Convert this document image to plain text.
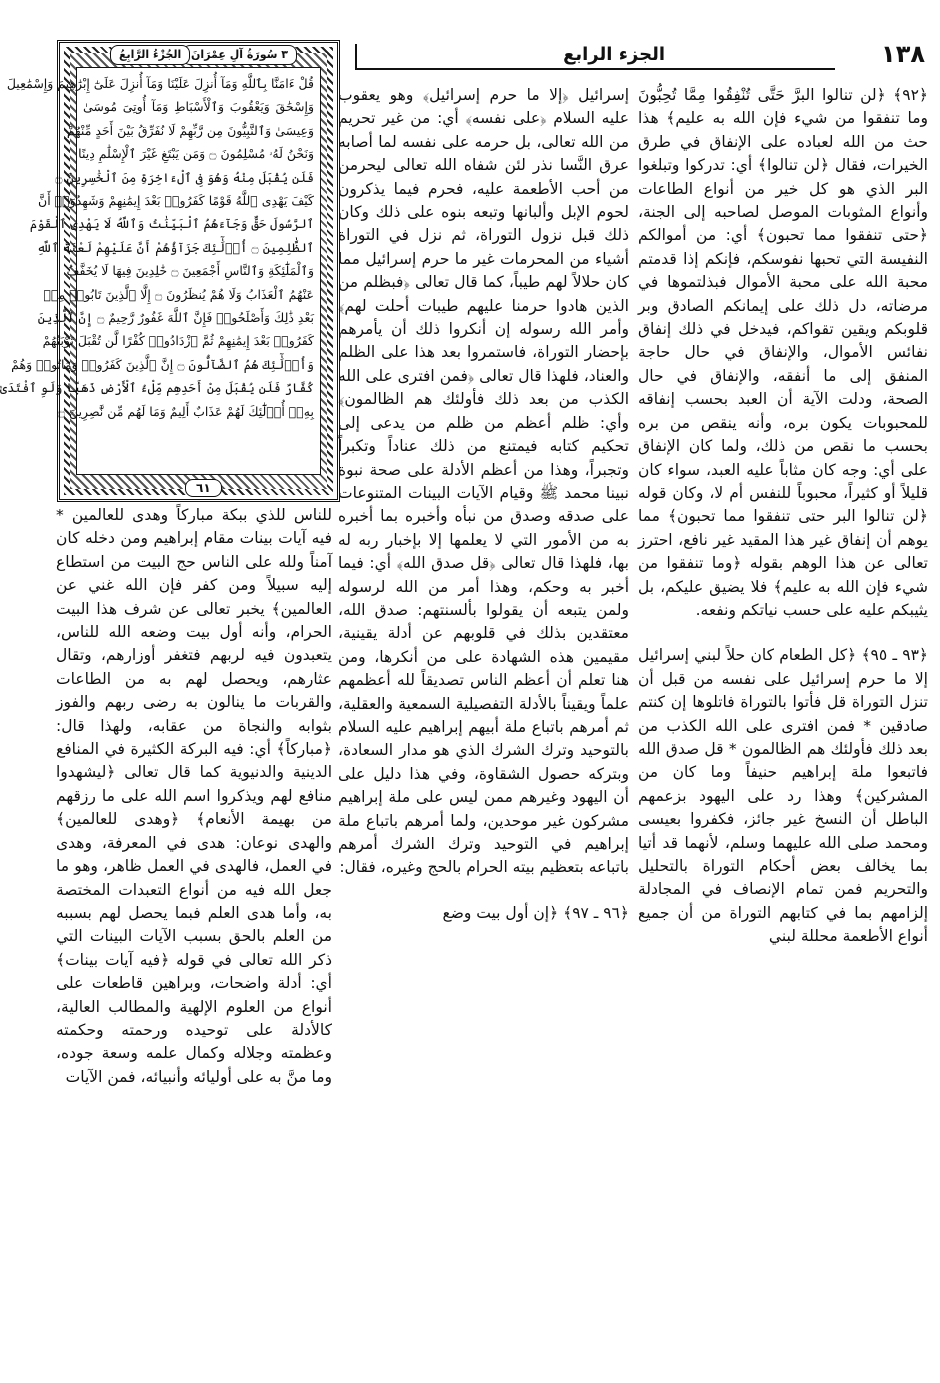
١٣٨
الجزء الرابع
٣ سُورَةُ آلِ عِمْرَانَ
الجُزْءُ الرَّابِعُ
قُلْ ءَامَنَّا بِٱللَّهِ وَمَآ أُنزِلَ عَلَيْنَا وَمَآ أُنزِلَ عَلَىٰٓ إِبْرَٰهِيمَ وَإِسْمَٰعِيلَ
وَإِسْحَٰقَ وَيَعْقُوبَ وَٱلْأَسْبَاطِ وَمَآ أُوتِىَ مُوسَىٰ
وَعِيسَىٰ وَٱلنَّبِيُّونَ مِن رَّبِّهِمْ لَا نُفَرِّقُ بَيْنَ أَحَدٍ مِّنْهُمْ
وَنَحْنُ لَهُۥ مُسْلِمُونَ ۝ وَمَن يَبْتَغِ غَيْرَ ٱلْإِسْلَٰمِ دِينًا
فَلَن يُقْبَلَ مِنْهُ وَهُوَ فِى ٱلْءَاخِرَةِ مِنَ ٱلْخَٰسِرِينَ ۝
كَيْفَ يَهْدِى ٱللَّهُ قَوْمًا كَفَرُوا۟ بَعْدَ إِيمَٰنِهِمْ وَشَهِدُوٓا۟ أَنَّ
ٱلرَّسُولَ حَقٌّ وَجَآءَهُمُ ٱلْبَيِّنَٰتُ وَٱللَّهُ لَا يَهْدِى ٱلْقَوْمَ
ٱلظَّٰلِمِينَ ۝ أُو۟لَٰٓئِكَ جَزَآؤُهُمْ أَنَّ عَلَيْهِمْ لَعْنَةَ ٱللَّهِ
وَٱلْمَلَٰٓئِكَةِ وَٱلنَّاسِ أَجْمَعِينَ ۝ خَٰلِدِينَ فِيهَا لَا يُخَفَّفُ
عَنْهُمُ ٱلْعَذَابُ وَلَا هُمْ يُنظَرُونَ ۝ إِلَّا ٱلَّذِينَ تَابُوا۟ مِنۢ
بَعْدِ ذَٰلِكَ وَأَصْلَحُوا۟ فَإِنَّ ٱللَّهَ غَفُورٌ رَّحِيمٌ ۝ إِنَّ ٱلَّذِينَ
كَفَرُوا۟ بَعْدَ إِيمَٰنِهِمْ ثُمَّ ٱزْدَادُوا۟ كُفْرًا لَّن تُقْبَلَ تَوْبَتُهُمْ
وَأُو۟لَٰٓئِكَ هُمُ ٱلضَّآلُّونَ ۝ إِنَّ ٱلَّذِينَ كَفَرُوا۟ وَمَاتُوا۟ وَهُمْ
كُفَّارٌ فَلَن يُقْبَلَ مِنْ أَحَدِهِم مِّلْءُ ٱلْأَرْضِ ذَهَبًا وَلَوِ ٱفْتَدَىٰ
بِهِۦٓ أُو۟لَٰٓئِكَ لَهُمْ عَذَابٌ أَلِيمٌ وَمَا لَهُم مِّن نَّٰصِرِينَ ۝
٦١

﴿٩٢﴾ ﴿لن تنالوا البرَّ حَتَّى تُنْفِقُوا مِمَّا تُحِبُّونَ وما تنفقوا من شيء فإن الله به عليم﴾ هذا حث من الله لعباده على الإنفاق في طرق الخيرات، فقال ﴿لن تنالوا﴾ أي: تدركوا وتبلغوا البر الذي هو كل خير من أنواع الطاعات وأنواع المثوبات الموصل لصاحبه إلى الجنة، ﴿حتى تنفقوا مما تحبون﴾ أي: من أموالكم النفيسة التي تحبها نفوسكم، فإنكم إذا قدمتم محبة الله على محبة الأموال فبذلتموها في مرضاته، دل ذلك على إيمانكم الصادق وبر قلوبكم ويقين تقواكم، فيدخل في ذلك إنفاق نفائس الأموال، والإنفاق في حال حاجة المنفق إلى ما أنفقه، والإنفاق في حال الصحة، ودلت الآية أن العبد بحسب إنفاقه للمحبوبات يكون بره، وأنه ينقص من بره بحسب ما نقص من ذلك، ولما كان الإنفاق على أي: وجه كان مثاباً عليه العبد، سواء كان قليلاً أو كثيراً، محبوباً للنفس أم لا، وكان قوله ﴿لن تنالوا البر حتى تنفقوا مما تحبون﴾ مما يوهم أن إنفاق غير هذا المقيد غير نافع، احترز تعالى عن هذا الوهم بقوله ﴿وما تنفقوا من شيء فإن الله به عليم﴾ فلا يضيق عليكم، بل يثيبكم عليه على حسب نياتكم ونفعه.

﴿٩٣ ـ ٩٥﴾ ﴿كل الطعام كان حلاً لبني إسرائيل إلا ما حرم إسرائيل على نفسه من قبل أن تنزل التوراة قل فأتوا بالتوراة فاتلوها إن كنتم صادقين * فمن افترى على الله الكذب من بعد ذلك فأولئك هم الظالمون * قل صدق الله فاتبعوا ملة إبراهيم حنيفاً وما كان من المشركين﴾ وهذا رد على اليهود بزعمهم الباطل أن النسخ غير جائز، فكفروا بعيسى ومحمد صلى الله عليهما وسلم، لأنهما قد أتيا بما يخالف بعض أحكام التوراة بالتحليل والتحريم فمن تمام الإنصاف في المجادلة إلزامهم بما في كتابهم التوراة من أن جميع أنواع الأطعمة محللة لبني

إسرائيل ﴿إلا ما حرم إسرائيل﴾ وهو يعقوب عليه السلام ﴿على نفسه﴾ أي: من غير تحريم من الله تعالى، بل حرمه على نفسه لما أصابه عرق النَّسا نذر لئن شفاه الله تعالى ليحرمن من أحب الأطعمة عليه، فحرم فيما يذكرون لحوم الإبل وألبانها وتبعه بنوه على ذلك وكان ذلك قبل نزول التوراة، ثم نزل في التوراة أشياء من المحرمات غير ما حرم إسرائيل مما كان حلالاً لهم طيباً، كما قال تعالى ﴿فبظلم من الذين هادوا حرمنا عليهم طيبات أحلت لهم﴾ وأمر الله رسوله إن أنكروا ذلك أن يأمرهم بإحضار التوراة، فاستمروا بعد هذا على الظلم والعناد، فلهذا قال تعالى ﴿فمن افترى على الله الكذب من بعد ذلك فأولئك هم الظالمون﴾ وأي: ظلم أعظم من ظلم من يدعى إلى تحكيم كتابه فيمتنع من ذلك عناداً وتكبراً وتجبراً، وهذا من أعظم الأدلة على صحة نبوة نبينا محمد ﷺ وقيام الآيات البينات المتنوعات على صدقه وصدق من نبأه وأخبره بما أخبره به من الأمور التي لا يعلمها إلا بإخبار ربه له بها، فلهذا قال تعالى ﴿قل صدق الله﴾ أي: فيما أخبر به وحكم، وهذا أمر من الله لرسوله ولمن يتبعه أن يقولوا بألسنتهم: صدق الله، معتقدين بذلك في قلوبهم عن أدلة يقينية، مقيمين هذه الشهادة على من أنكرها، ومن هنا تعلم أن أعظم الناس تصديقاً لله أعظمهم علماً ويقيناً بالأدلة التفصيلية السمعية والعقلية، ثم أمرهم باتباع ملة أبيهم إبراهيم عليه السلام بالتوحيد وترك الشرك الذي هو مدار السعادة، وبتركه حصول الشقاوة، وفي هذا دليل على أن اليهود وغيرهم ممن ليس على ملة إبراهيم مشركون غير موحدين، ولما أمرهم باتباع ملة إبراهيم في التوحيد وترك الشرك أمرهم باتباعه بتعظيم بيته الحرام بالحج وغيره، فقال:

﴿٩٦ ـ ٩٧﴾ ﴿إن أول بيت وضع

للناس للذي ببكة مباركاً وهدى للعالمين * فيه آيات بينات مقام إبراهيم ومن دخله كان آمناً ولله على الناس حج البيت من استطاع إليه سبيلاً ومن كفر فإن الله غني عن العالمين﴾ يخبر تعالى عن شرف هذا البيت الحرام، وأنه أول بيت وضعه الله للناس، يتعبدون فيه لربهم فتغفر أوزارهم، وتقال عثارهم، ويحصل لهم به من الطاعات والقربات ما ينالون به رضى ربهم والفوز بثوابه والنجاة من عقابه، ولهذا قال: ﴿مباركاً﴾ أي: فيه البركة الكثيرة في المنافع الدينية والدنيوية كما قال تعالى ﴿ليشهدوا منافع لهم ويذكروا اسم الله على ما رزقهم من بهيمة الأنعام﴾ ﴿وهدى للعالمين﴾ والهدى نوعان: هدى في المعرفة، وهدى في العمل، فالهدى في العمل ظاهر، وهو ما جعل الله فيه من أنواع التعبدات المختصة به، وأما هدى العلم فبما يحصل لهم بسببه من العلم بالحق بسبب الآيات البينات التي ذكر الله تعالى في قوله ﴿فيه آيات بينات﴾ أي: أدلة واضحات، وبراهين قاطعات على أنواع من العلوم الإلهية والمطالب العالية، كالأدلة على توحيده ورحمته وحكمته وعظمته وجلاله وكمال علمه وسعة جوده، وما منَّ به على أوليائه وأنبيائه، فمن الآيات
